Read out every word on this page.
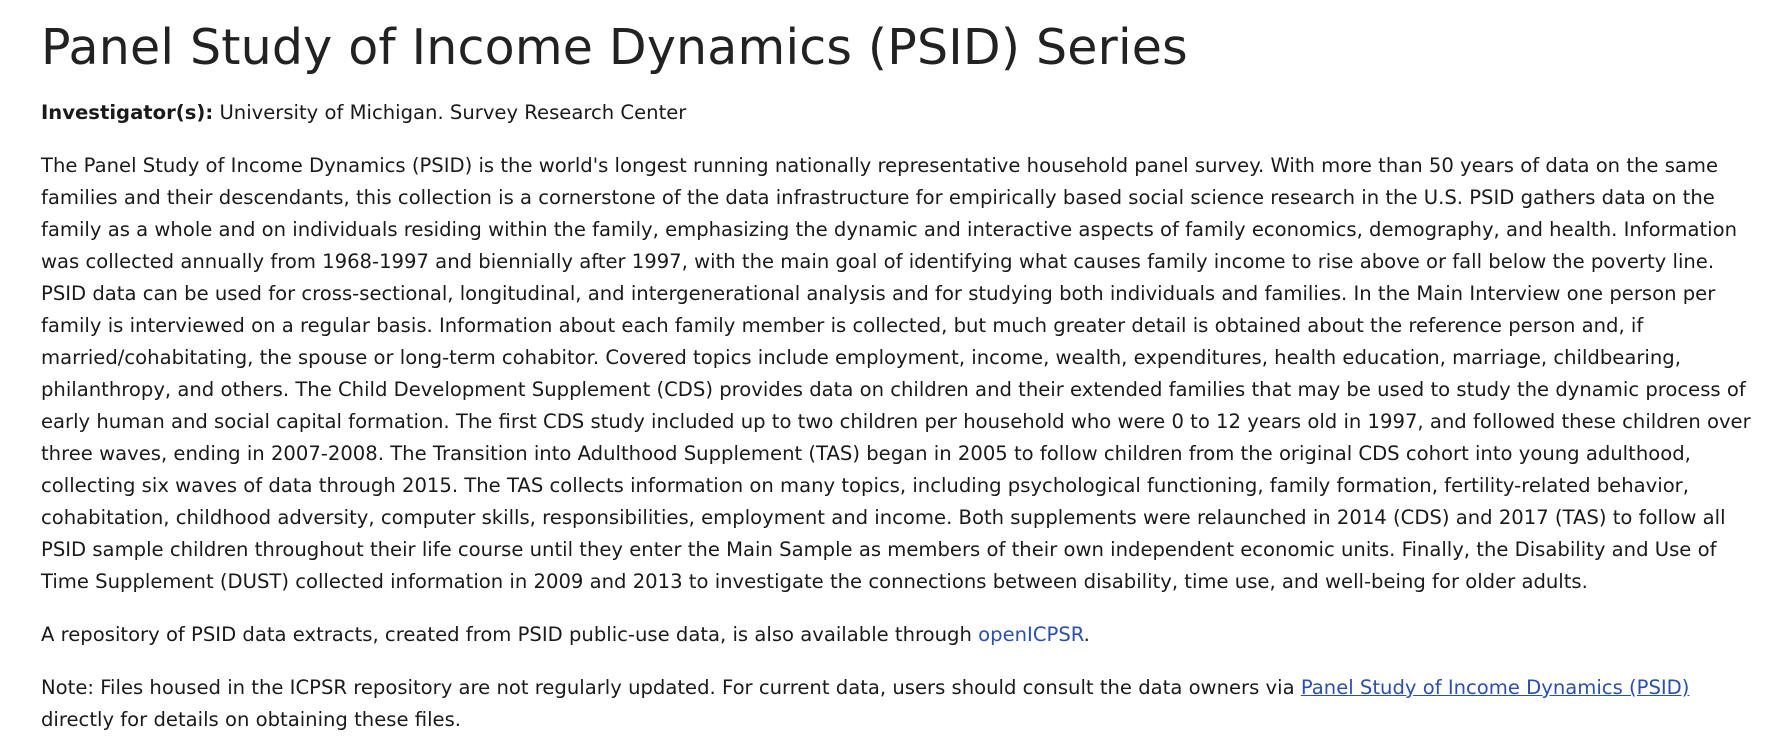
Panel Study of Income Dynamics (PSID) Series

Investigator(s): University of Michigan. Survey Research Center

The Panel Study of Income Dynamics (PSID) is the world's longest running nationally representative household panel survey. With more than 50 years of data on the same families and their descendants, this collection is a cornerstone of the data infrastructure for empirically based social science research in the U.S. PSID gathers data on the family as a whole and on individuals residing within the family, emphasizing the dynamic and interactive aspects of family economics, demography, and health. Information was collected annually from 1968-1997 and biennially after 1997, with the main goal of identifying what causes family income to rise above or fall below the poverty line. PSID data can be used for cross-sectional, longitudinal, and intergenerational analysis and for studying both individuals and families. In the Main Interview one person per family is interviewed on a regular basis. Information about each family member is collected, but much greater detail is obtained about the reference person and, if married/cohabitating, the spouse or long-term cohabitor. Covered topics include employment, income, wealth, expenditures, health education, marriage, childbearing, philanthropy, and others. The Child Development Supplement (CDS) provides data on children and their extended families that may be used to study the dynamic process of early human and social capital formation. The first CDS study included up to two children per household who were 0 to 12 years old in 1997, and followed these children over three waves, ending in 2007-2008. The Transition into Adulthood Supplement (TAS) began in 2005 to follow children from the original CDS cohort into young adulthood, collecting six waves of data through 2015. The TAS collects information on many topics, including psychological functioning, family formation, fertility-related behavior, cohabitation, childhood adversity, computer skills, responsibilities, employment and income. Both supplements were relaunched in 2014 (CDS) and 2017 (TAS) to follow all PSID sample children throughout their life course until they enter the Main Sample as members of their own independent economic units. Finally, the Disability and Use of Time Supplement (DUST) collected information in 2009 and 2013 to investigate the connections between disability, time use, and well-being for older adults.

A repository of PSID data extracts, created from PSID public-use data, is also available through openICPSR.

Note: Files housed in the ICPSR repository are not regularly updated. For current data, users should consult the data owners via Panel Study of Income Dynamics (PSID) directly for details on obtaining these files.
